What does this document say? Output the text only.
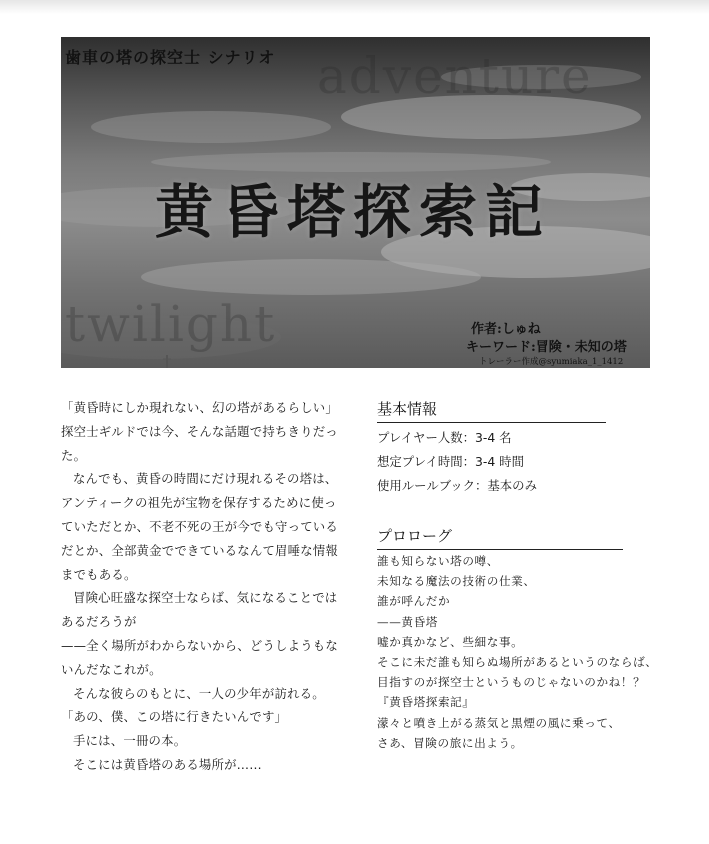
adventure
twilight
歯車の塔の探空士 シナリオ
黄昏塔探索記
作者:しゅね
キーワード:冒険・未知の塔
トレーラー作成@syumiaka_1_1412

「黄昏時にしか現れない、幻の塔があるらしい」

探空士ギルドでは今、そんな話題で持ちきりだっ

た。

なんでも、黄昏の時間にだけ現れるその塔は、

アンティークの祖先が宝物を保存するために使っ

ていただとか、不老不死の王が今でも守っている

だとか、全部黄金でできているなんて眉唾な情報

までもある。

冒険心旺盛な探空士ならば、気になることでは

あるだろうが

——全く場所がわからないから、どうしようもな

いんだなこれが。

そんな彼らのもとに、一人の少年が訪れる。

「あの、僕、この塔に行きたいんです」

手には、一冊の本。

そこには黄昏塔のある場所が……

基本情報
プレイヤー人数：3-4 名
想定プレイ時間：3-4 時間
使用ルールブック：基本のみ
プロローグ
誰も知らない塔の噂、
未知なる魔法の技術の仕業、
誰が呼んだか
——黄昏塔
嘘か真かなど、些細な事。
そこに未だ誰も知らぬ場所があるというのならば、
目指すのが探空士というものじゃないのかね！？
『黄昏塔探索記』
濛々と噴き上がる蒸気と黒煙の風に乗って、
さあ、冒険の旅に出よう。
